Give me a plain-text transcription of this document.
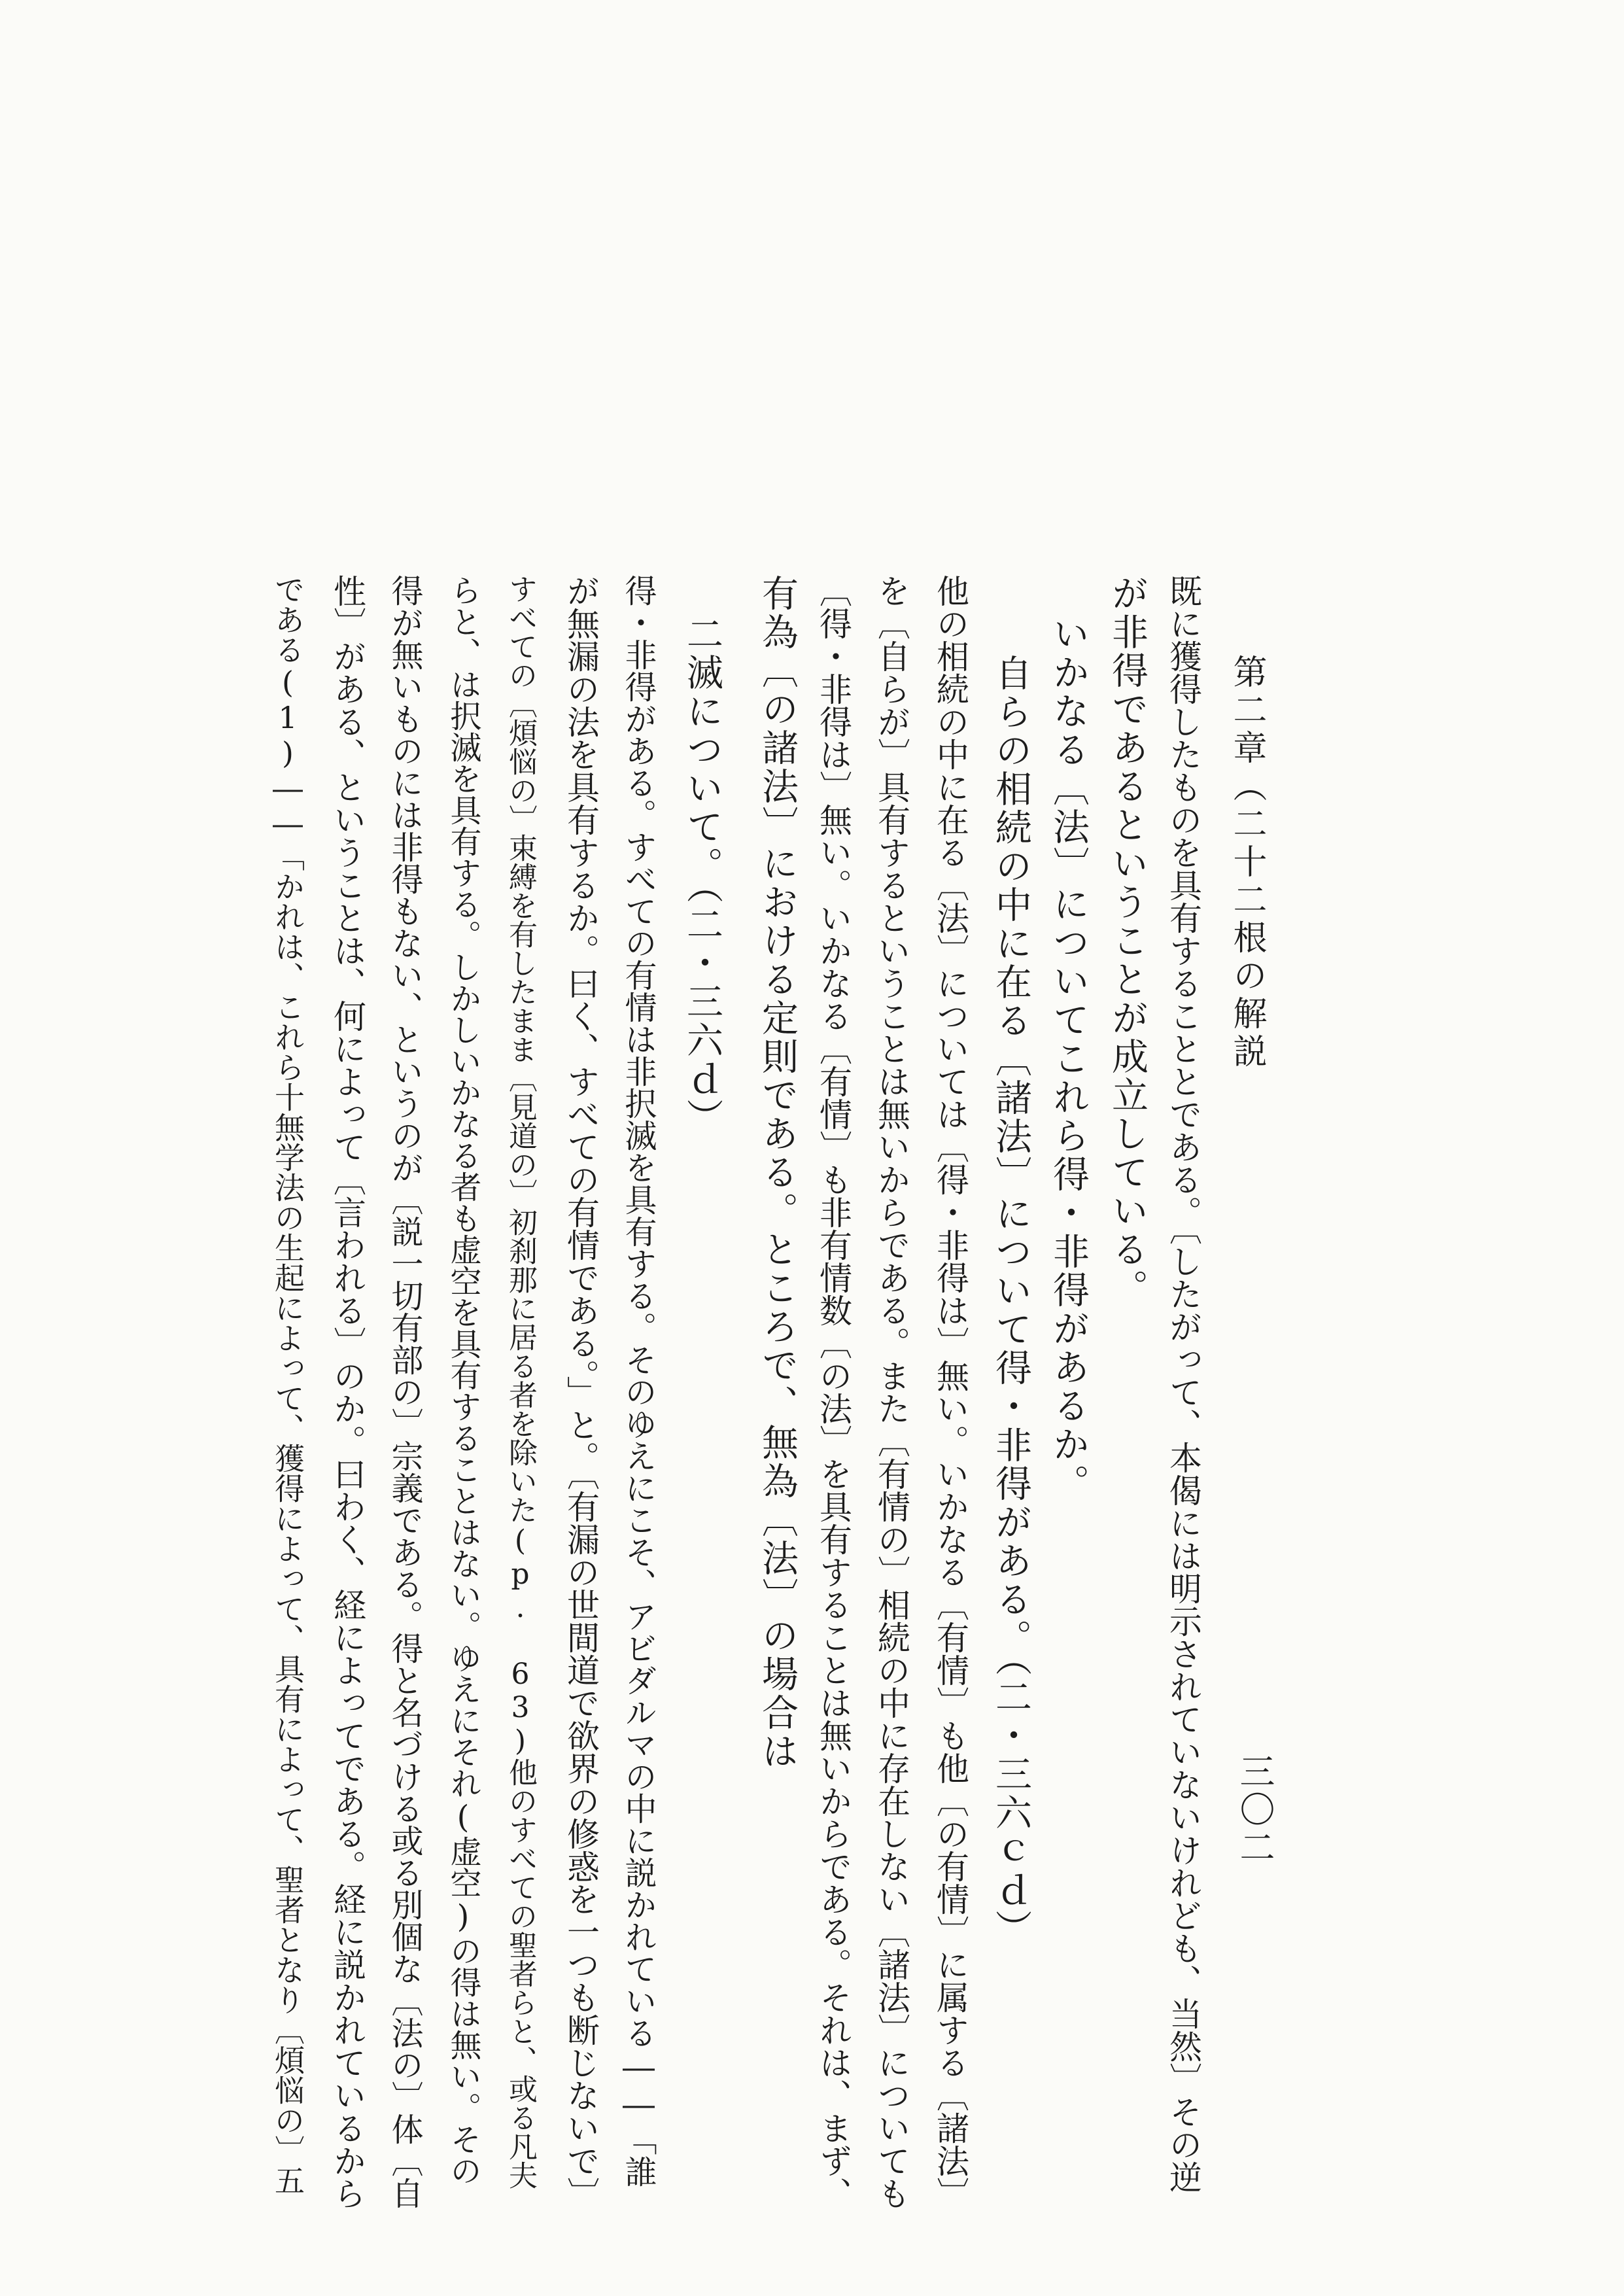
第二章（二十二根の解説
三〇二
既に獲得したものを具有することとである。〔したがって、本偈には明示されていないけれども、当然〕その逆
が非得であるということが成立している。
いかなる〔法〕についてこれら得・非得があるか。
自らの相続の中に在る〔諸法〕について得・非得がある。（二・三六ｃｄ）
他の相続の中に在る〔法〕については〔得・非得は〕無い。いかなる〔有情〕も他〔の有情〕に属する〔諸法〕
を〔自らが〕具有するということは無いからである。また〔有情の〕相続の中に存在しない〔諸法〕についても
〔得・非得は〕無い。いかなる〔有情〕も非有情数〔の法〕を具有することは無いからである。それは、まず、
有為〔の諸法〕における定則である。ところで、無為〔法〕の場合は
二滅について。（二・三六ｄ）
得・非得がある。すべての有情は非択滅を具有する。そのゆえにこそ、アビダルマの中に説かれている――「誰
が無漏の法を具有するか。曰く、すべての有情である。」と。〔有漏の世間道で欲界の修惑を一つも断じないで〕
すべての〔煩悩の〕束縛を有したまま〔見道の〕初刹那に居る者を除いた(p. 63)他のすべての聖者らと、或る凡夫
らと、は択滅を具有する。しかしいかなる者も虚空を具有することはない。ゆえにそれ(虚空)の得は無い。その
得が無いものには非得もない、というのが〔説一切有部の〕宗義である。得と名づける或る別個な〔法の〕体〔自
性〕がある、ということは、何によって〔言われる〕のか。曰わく、経によってである。経に説かれているから
である(1)――「かれは、これら十無学法の生起によって、獲得によって、具有によって、聖者となり〔煩悩の〕五
